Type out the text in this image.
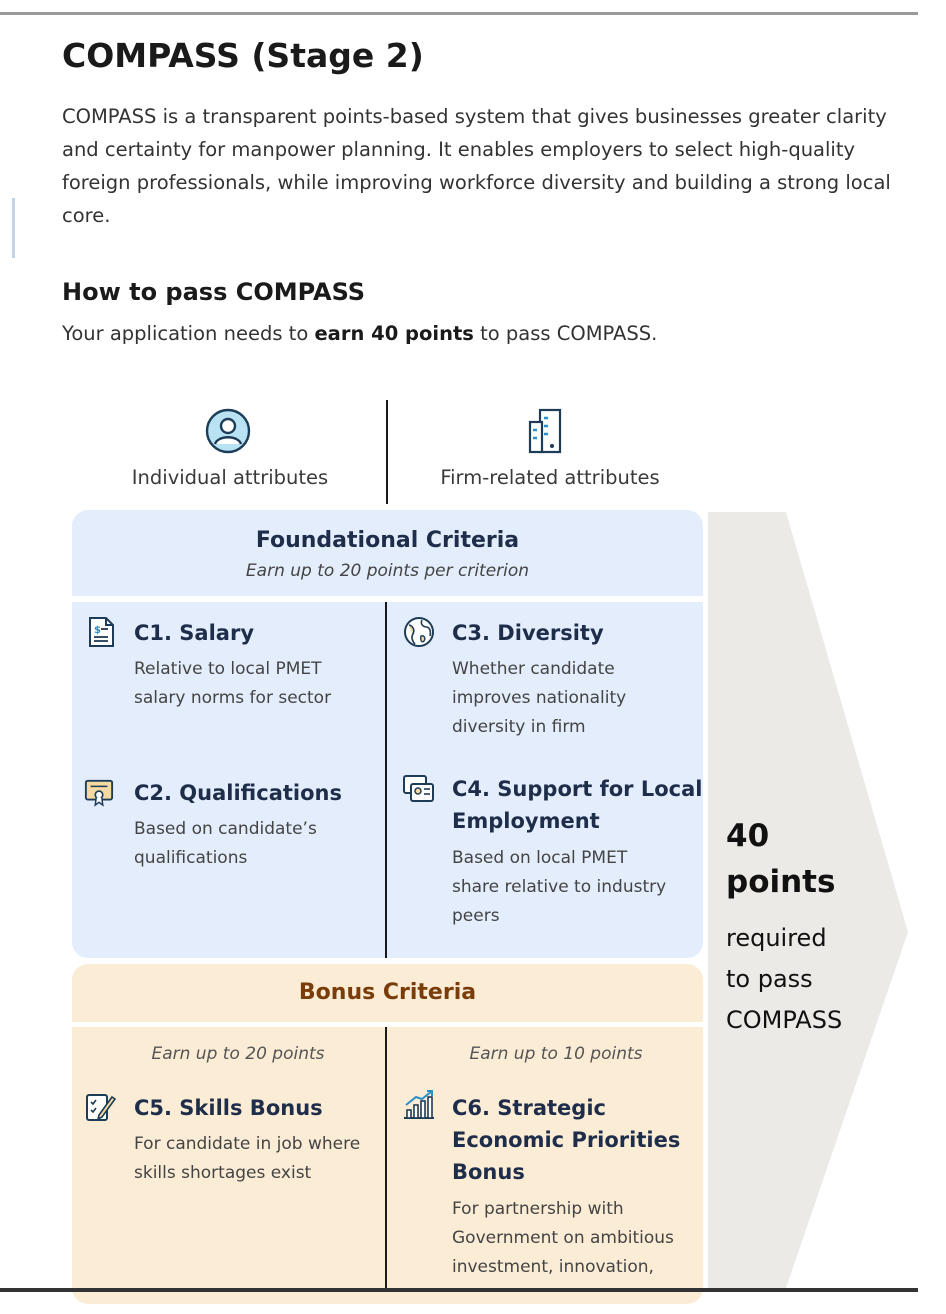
COMPASS (Stage 2)

COMPASS is a transparent points-based system that gives businesses greater clarity and certainty for manpower planning. It enables employers to select high-quality foreign professionals, while improving workforce diversity and building a strong local core.

How to pass COMPASS

Your application needs to earn 40 points to pass COMPASS.

Individual attributes	Firm-related attributes
Foundational Criteria
Earn up to 20 points per criterion
$ C1. Salary
Relative to local PMET
salary norms for sector
C2. Qualifications
Based on candidate’s
qualifications
C3. Diversity
Whether candidate
improves nationality
diversity in firm
C4. Support for Local
Employment
Based on local PMET
share relative to industry
peers
Bonus Criteria
Earn up to 20 points	Earn up to 10 points
C5. Skills Bonus
For candidate in job where
skills shortages exist
C6. Strategic
Economic Priorities
Bonus
For partnership with
Government on ambitious
investment, innovation,
40
points
required
to pass
COMPASS
